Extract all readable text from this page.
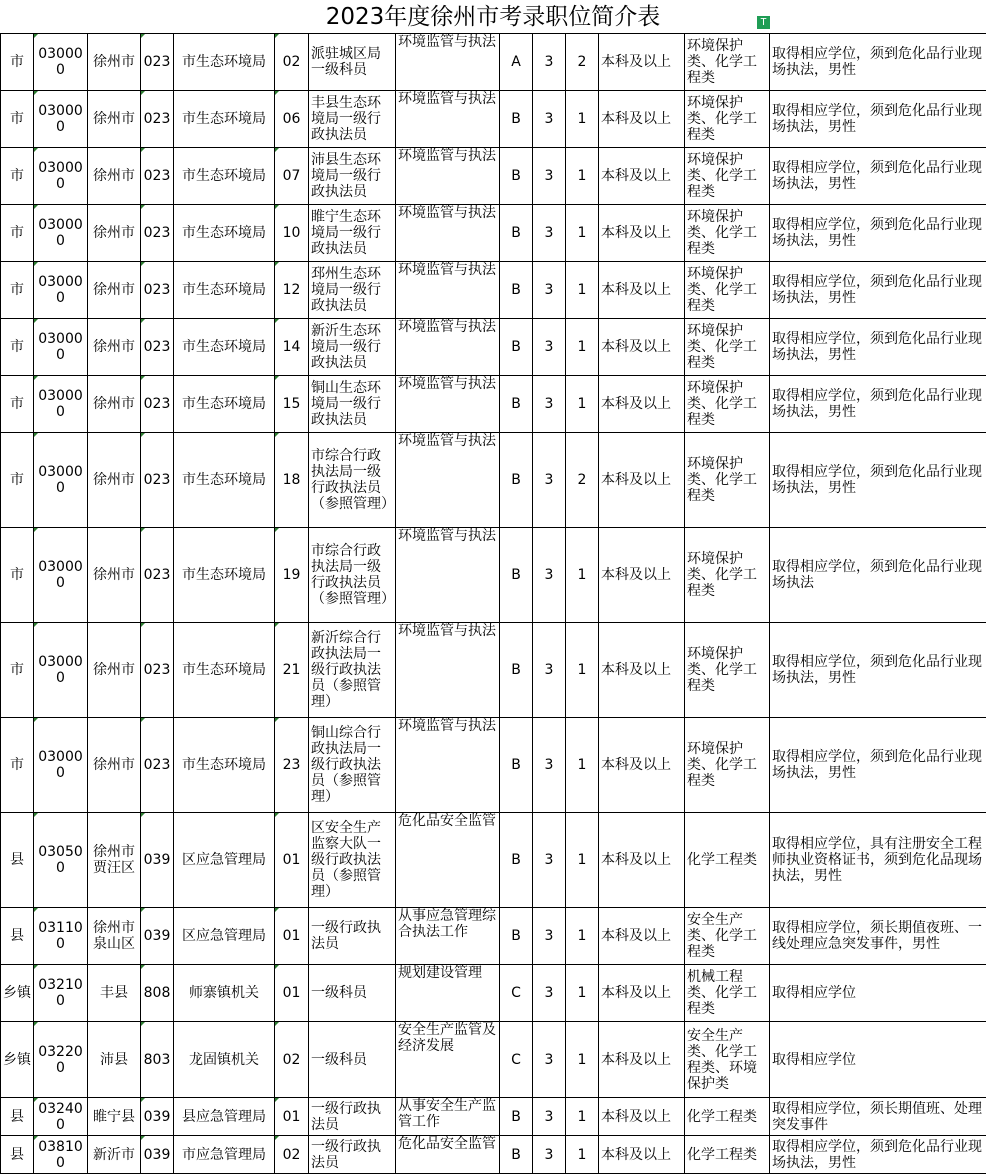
2023年度徐州市考录职位简介表	T
市	030000	徐州市	023	市生态环境局	02	派驻城区局一级科员	环境监管与执法	A	3	2	本科及以上	环境保护类、化学工程类	取得相应学位，须到危化品行业现场执法，男性
市	030000	徐州市	023	市生态环境局	06	丰县生态环境局一级行政执法员	环境监管与执法	B	3	1	本科及以上	环境保护类、化学工程类	取得相应学位，须到危化品行业现场执法，男性
市	030000	徐州市	023	市生态环境局	07	沛县生态环境局一级行政执法员	环境监管与执法	B	3	1	本科及以上	环境保护类、化学工程类	取得相应学位，须到危化品行业现场执法，男性
市	030000	徐州市	023	市生态环境局	10	睢宁生态环境局一级行政执法员	环境监管与执法	B	3	1	本科及以上	环境保护类、化学工程类	取得相应学位，须到危化品行业现场执法，男性
市	030000	徐州市	023	市生态环境局	12	邳州生态环境局一级行政执法员	环境监管与执法	B	3	1	本科及以上	环境保护类、化学工程类	取得相应学位，须到危化品行业现场执法，男性
市	030000	徐州市	023	市生态环境局	14	新沂生态环境局一级行政执法员	环境监管与执法	B	3	1	本科及以上	环境保护类、化学工程类	取得相应学位，须到危化品行业现场执法，男性
市	030000	徐州市	023	市生态环境局	15	铜山生态环境局一级行政执法员	环境监管与执法	B	3	1	本科及以上	环境保护类、化学工程类	取得相应学位，须到危化品行业现场执法，男性
市	030000	徐州市	023	市生态环境局	18	市综合行政执法局一级行政执法员（参照管理）	环境监管与执法	B	3	2	本科及以上	环境保护类、化学工程类	取得相应学位，须到危化品行业现场执法，男性
市	030000	徐州市	023	市生态环境局	19	市综合行政执法局一级行政执法员（参照管理）	环境监管与执法	B	3	1	本科及以上	环境保护类、化学工程类	取得相应学位，须到危化品行业现场执法
市	030000	徐州市	023	市生态环境局	21	新沂综合行政执法局一级行政执法员（参照管理）	环境监管与执法	B	3	1	本科及以上	环境保护类、化学工程类	取得相应学位，须到危化品行业现场执法，男性
市	030000	徐州市	023	市生态环境局	23	铜山综合行政执法局一级行政执法员（参照管理）	环境监管与执法	B	3	1	本科及以上	环境保护类、化学工程类	取得相应学位，须到危化品行业现场执法，男性
县	030500	徐州市贾汪区	039	区应急管理局	01	区安全生产监察大队一级行政执法员（参照管理）	危化品安全监管	B	3	1	本科及以上	化学工程类	取得相应学位，具有注册安全工程师执业资格证书，须到危化品现场执法，男性
县	031100	徐州市泉山区	039	区应急管理局	01	一级行政执法员	从事应急管理综合执法工作	B	3	1	本科及以上	安全生产类、化学工程类	取得相应学位，须长期值夜班、一线处理应急突发事件，男性
乡镇	032100	丰县	808	师寨镇机关	01	一级科员	规划建设管理	C	3	1	本科及以上	机械工程类、化学工程类	取得相应学位
乡镇	032200	沛县	803	龙固镇机关	02	一级科员	安全生产监管及经济发展	C	3	1	本科及以上	安全生产类、化学工程类、环境保护类	取得相应学位
县	032400	睢宁县	039	县应急管理局	01	一级行政执法员	从事安全生产监管工作	B	3	1	本科及以上	化学工程类	取得相应学位，须长期值班、处理突发事件
县	038100	新沂市	039	市应急管理局	02	一级行政执法员	危化品安全监管	B	3	1	本科及以上	化学工程类	取得相应学位，须到危化品行业现场执法，男性
